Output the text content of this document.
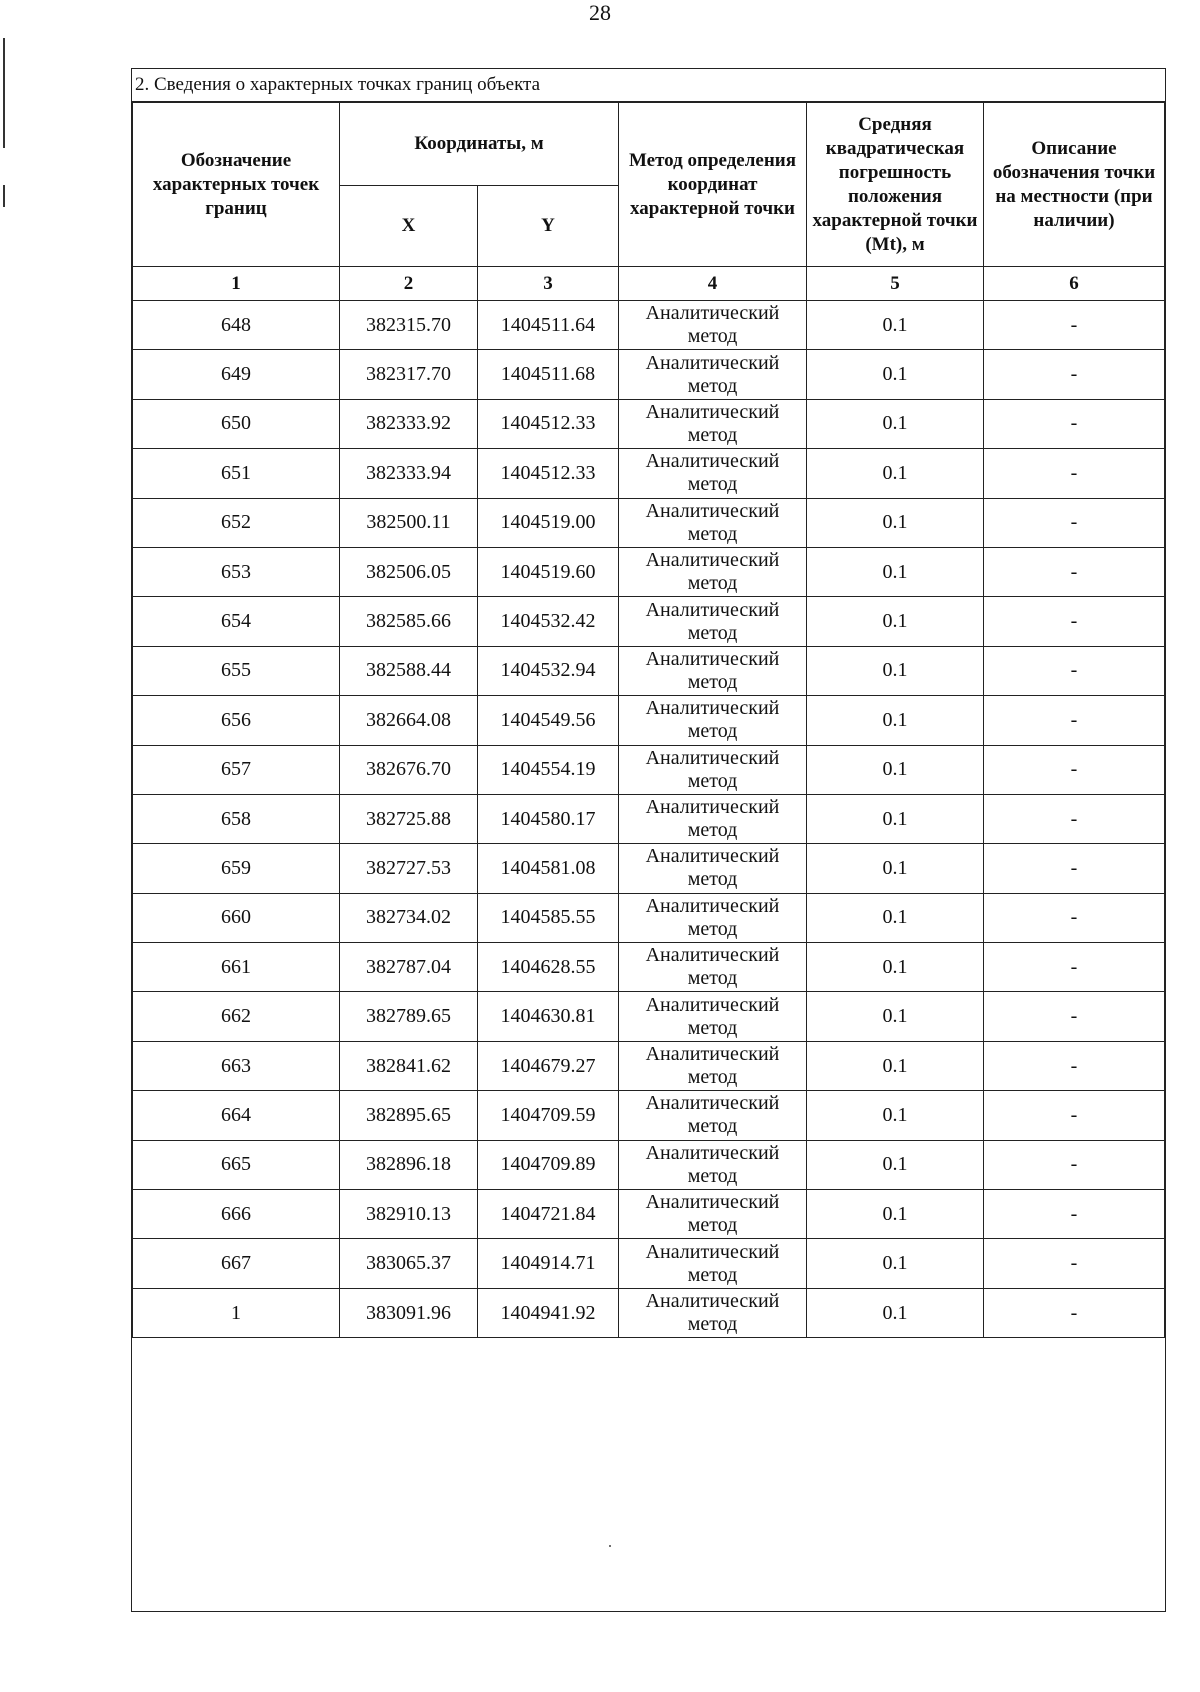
28
2. Сведения о характерных точках границ объекта
Обозначение характерных точек границ	Координаты, м		Метод определения координат характерной точки	Средняя квадратическая погрешность положения характерной точки (Mt), м	Описание обозначения точки на местности (при наличии)
	X	Y			
1	2	3	4	5	6
648	382315.70	1404511.64	Аналитический метод	0.1	-
649	382317.70	1404511.68	Аналитический метод	0.1	-
650	382333.92	1404512.33	Аналитический метод	0.1	-
651	382333.94	1404512.33	Аналитический метод	0.1	-
652	382500.11	1404519.00	Аналитический метод	0.1	-
653	382506.05	1404519.60	Аналитический метод	0.1	-
654	382585.66	1404532.42	Аналитический метод	0.1	-
655	382588.44	1404532.94	Аналитический метод	0.1	-
656	382664.08	1404549.56	Аналитический метод	0.1	-
657	382676.70	1404554.19	Аналитический метод	0.1	-
658	382725.88	1404580.17	Аналитический метод	0.1	-
659	382727.53	1404581.08	Аналитический метод	0.1	-
660	382734.02	1404585.55	Аналитический метод	0.1	-
661	382787.04	1404628.55	Аналитический метод	0.1	-
662	382789.65	1404630.81	Аналитический метод	0.1	-
663	382841.62	1404679.27	Аналитический метод	0.1	-
664	382895.65	1404709.59	Аналитический метод	0.1	-
665	382896.18	1404709.89	Аналитический метод	0.1	-
666	382910.13	1404721.84	Аналитический метод	0.1	-
667	383065.37	1404914.71	Аналитический метод	0.1	-
1	383091.96	1404941.92	Аналитический метод	0.1	-
